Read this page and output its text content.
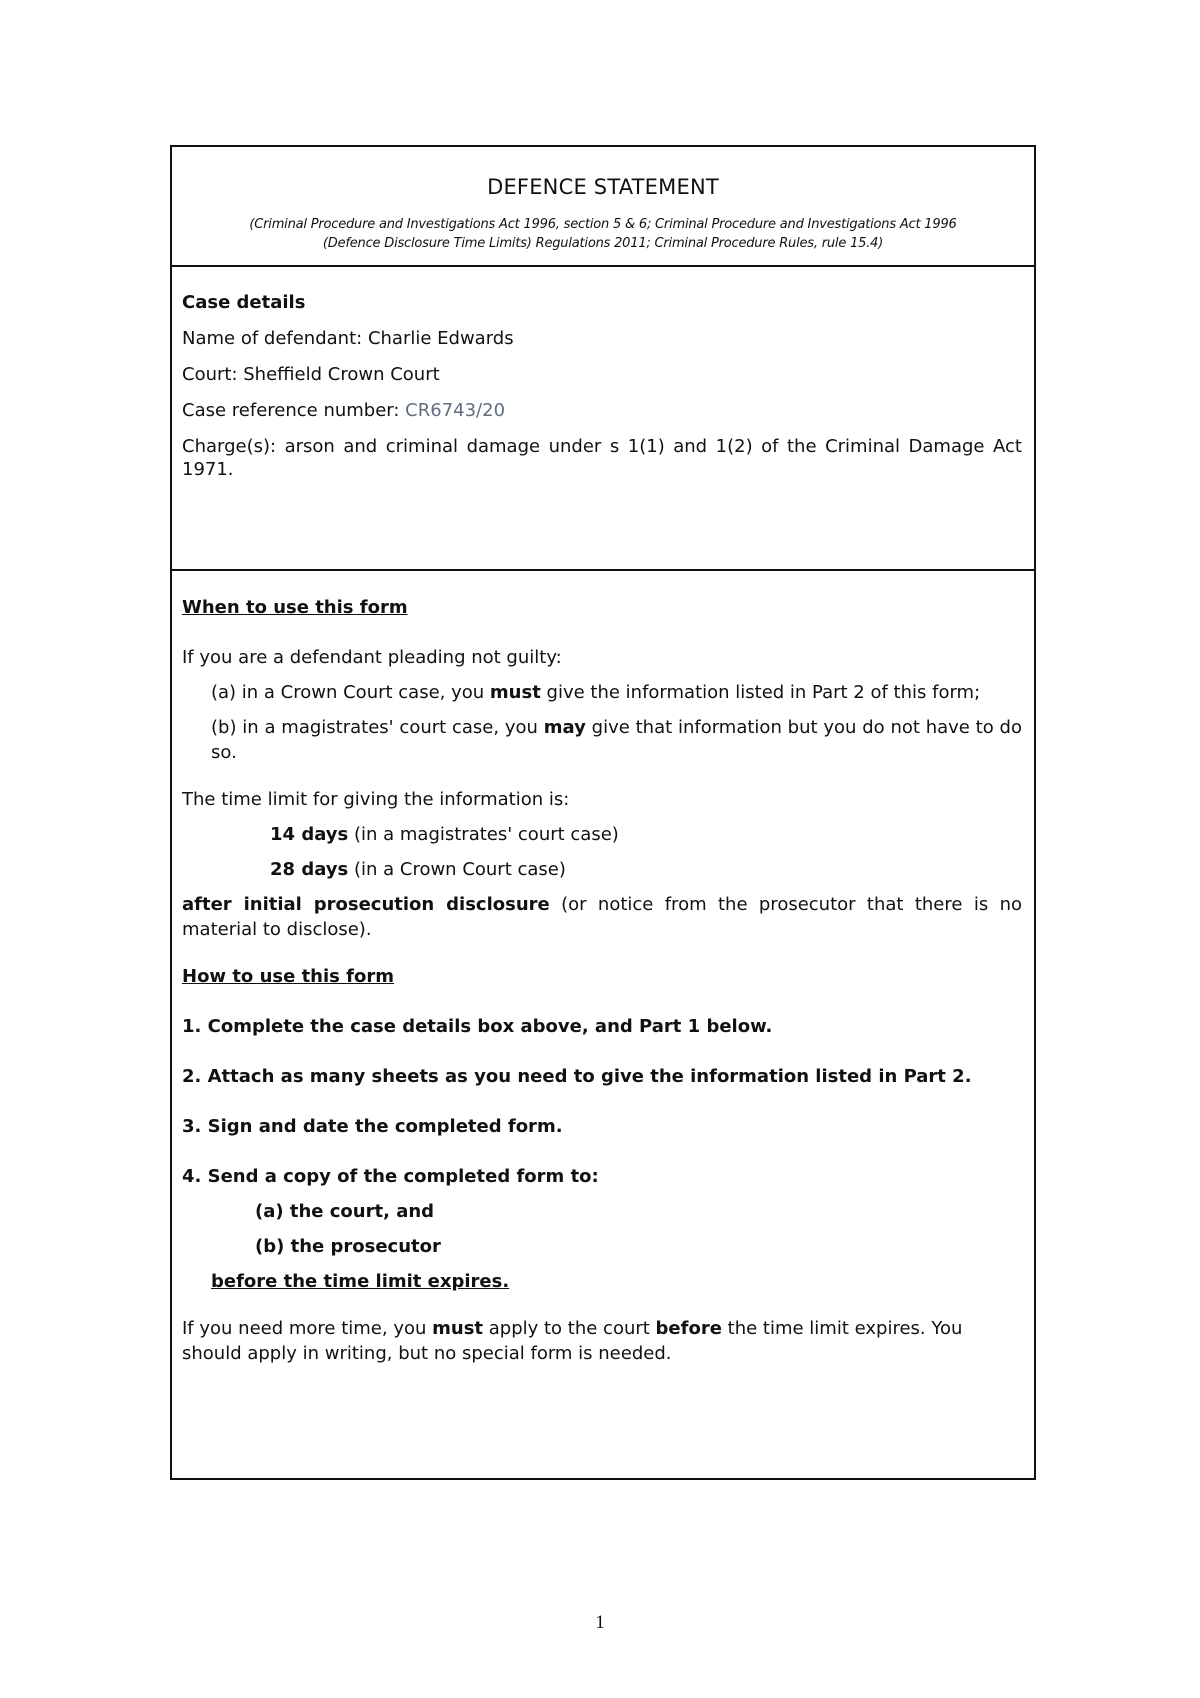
DEFENCE STATEMENT
(Criminal Procedure and Investigations Act 1996, section 5 & 6; Criminal Procedure and Investigations Act 1996
(Defence Disclosure Time Limits) Regulations 2011; Criminal Procedure Rules, rule 15.4)

Case details

Name of defendant: Charlie Edwards

Court: Sheffield Crown Court

Case reference number: CR6743/20

Charge(s): arson and criminal damage under s 1(1) and 1(2) of the Criminal Damage Act 1971.

When to use this form

If you are a defendant pleading not guilty:

(a) in a Crown Court case, you must give the information listed in Part 2 of this form;

(b) in a magistrates' court case, you may give that information but you do not have to do so.

The time limit for giving the information is:

14 days (in a magistrates' court case)

28 days (in a Crown Court case)

after initial prosecution disclosure (or notice from the prosecutor that there is no material to disclose).

How to use this form

1. Complete the case details box above, and Part 1 below.

2. Attach as many sheets as you need to give the information listed in Part 2.

3. Sign and date the completed form.

4. Send a copy of the completed form to:

(a) the court, and

(b) the prosecutor

before the time limit expires.

If you need more time, you must apply to the court before the time limit expires. You should apply in writing, but no special form is needed.

1
